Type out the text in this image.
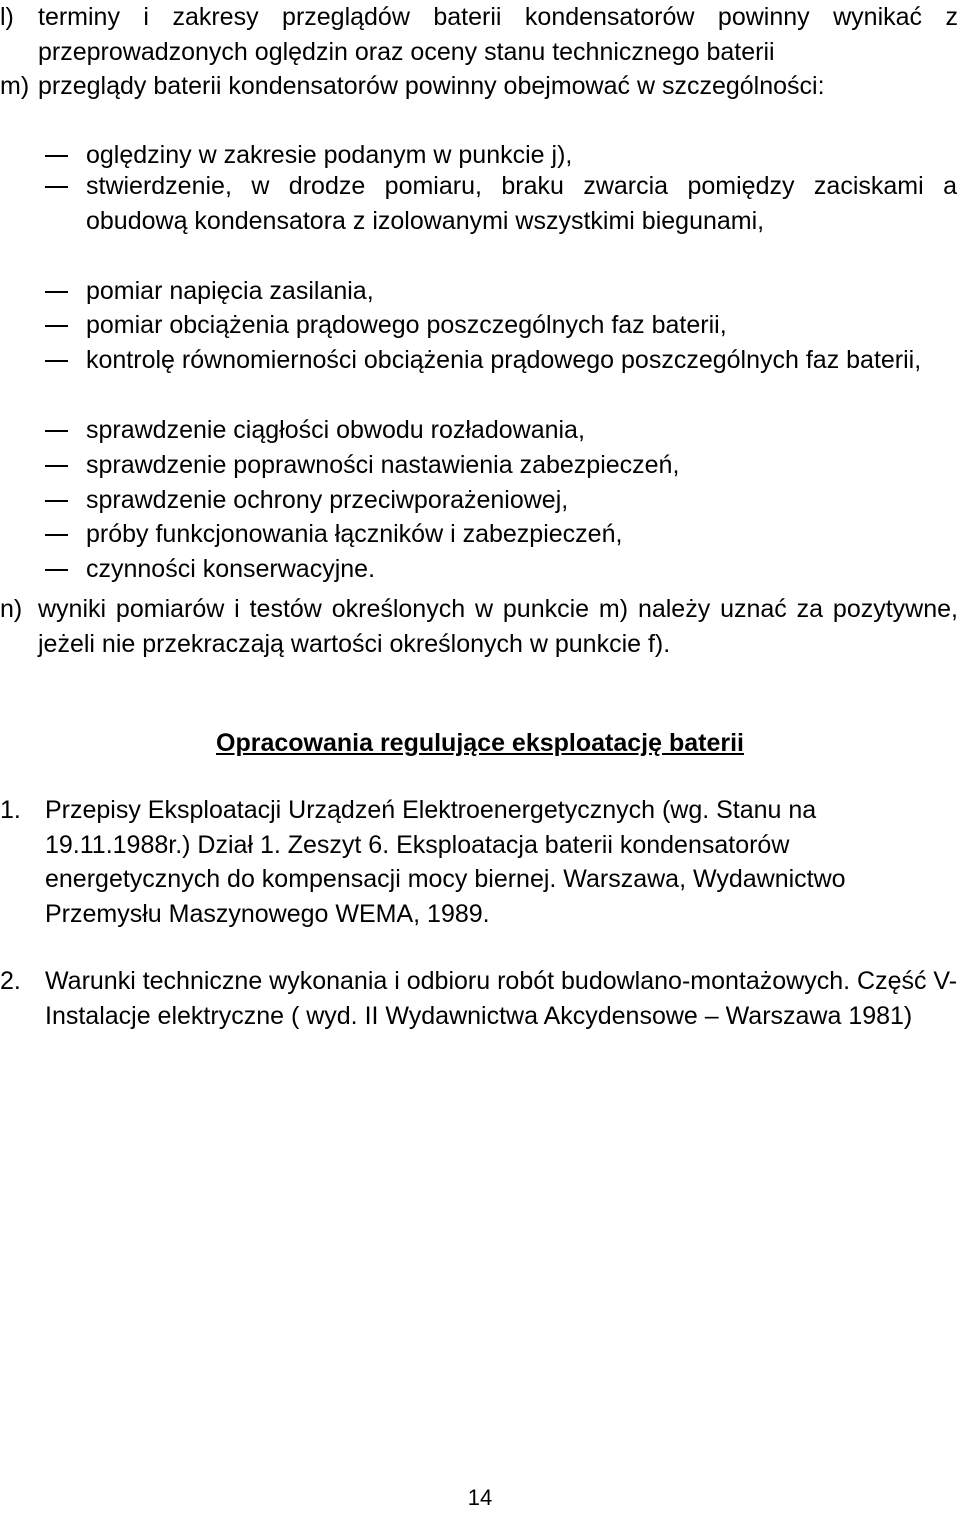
l) terminy i zakresy przeglądów baterii kondensatorów powinny wynikać z przeprowadzonych oględzin oraz oceny stanu technicznego baterii
m) przeglądy baterii kondensatorów powinny obejmować w szczególności:
oględziny w zakresie podanym w punkcie j),
stwierdzenie, w drodze pomiaru, braku zwarcia pomiędzy zaciskami a obudową kondensatora z izolowanymi wszystkimi biegunami,
pomiar napięcia zasilania,
pomiar obciążenia prądowego poszczególnych faz baterii,
kontrolę równomierności obciążenia prądowego poszczególnych faz baterii,
sprawdzenie ciągłości obwodu rozładowania,
sprawdzenie poprawności nastawienia zabezpieczeń,
sprawdzenie ochrony przeciwporażeniowej,
próby funkcjonowania łączników i zabezpieczeń,
czynności konserwacyjne.
n) wyniki pomiarów i testów określonych w punkcie m) należy uznać za pozytywne, jeżeli nie przekraczają wartości określonych w punkcie f).
Opracowania regulujące eksploatację baterii
1. Przepisy Eksploatacji Urządzeń Elektroenergetycznych (wg. Stanu na 19.11.1988r.) Dział 1. Zeszyt 6. Eksploatacja baterii kondensatorów energetycznych do kompensacji mocy biernej. Warszawa, Wydawnictwo Przemysłu Maszynowego WEMA, 1989.
2. Warunki techniczne wykonania i odbioru robót budowlano-montażowych. Część V-Instalacje elektryczne ( wyd. II Wydawnictwa Akcydensowe – Warszawa 1981)
14
